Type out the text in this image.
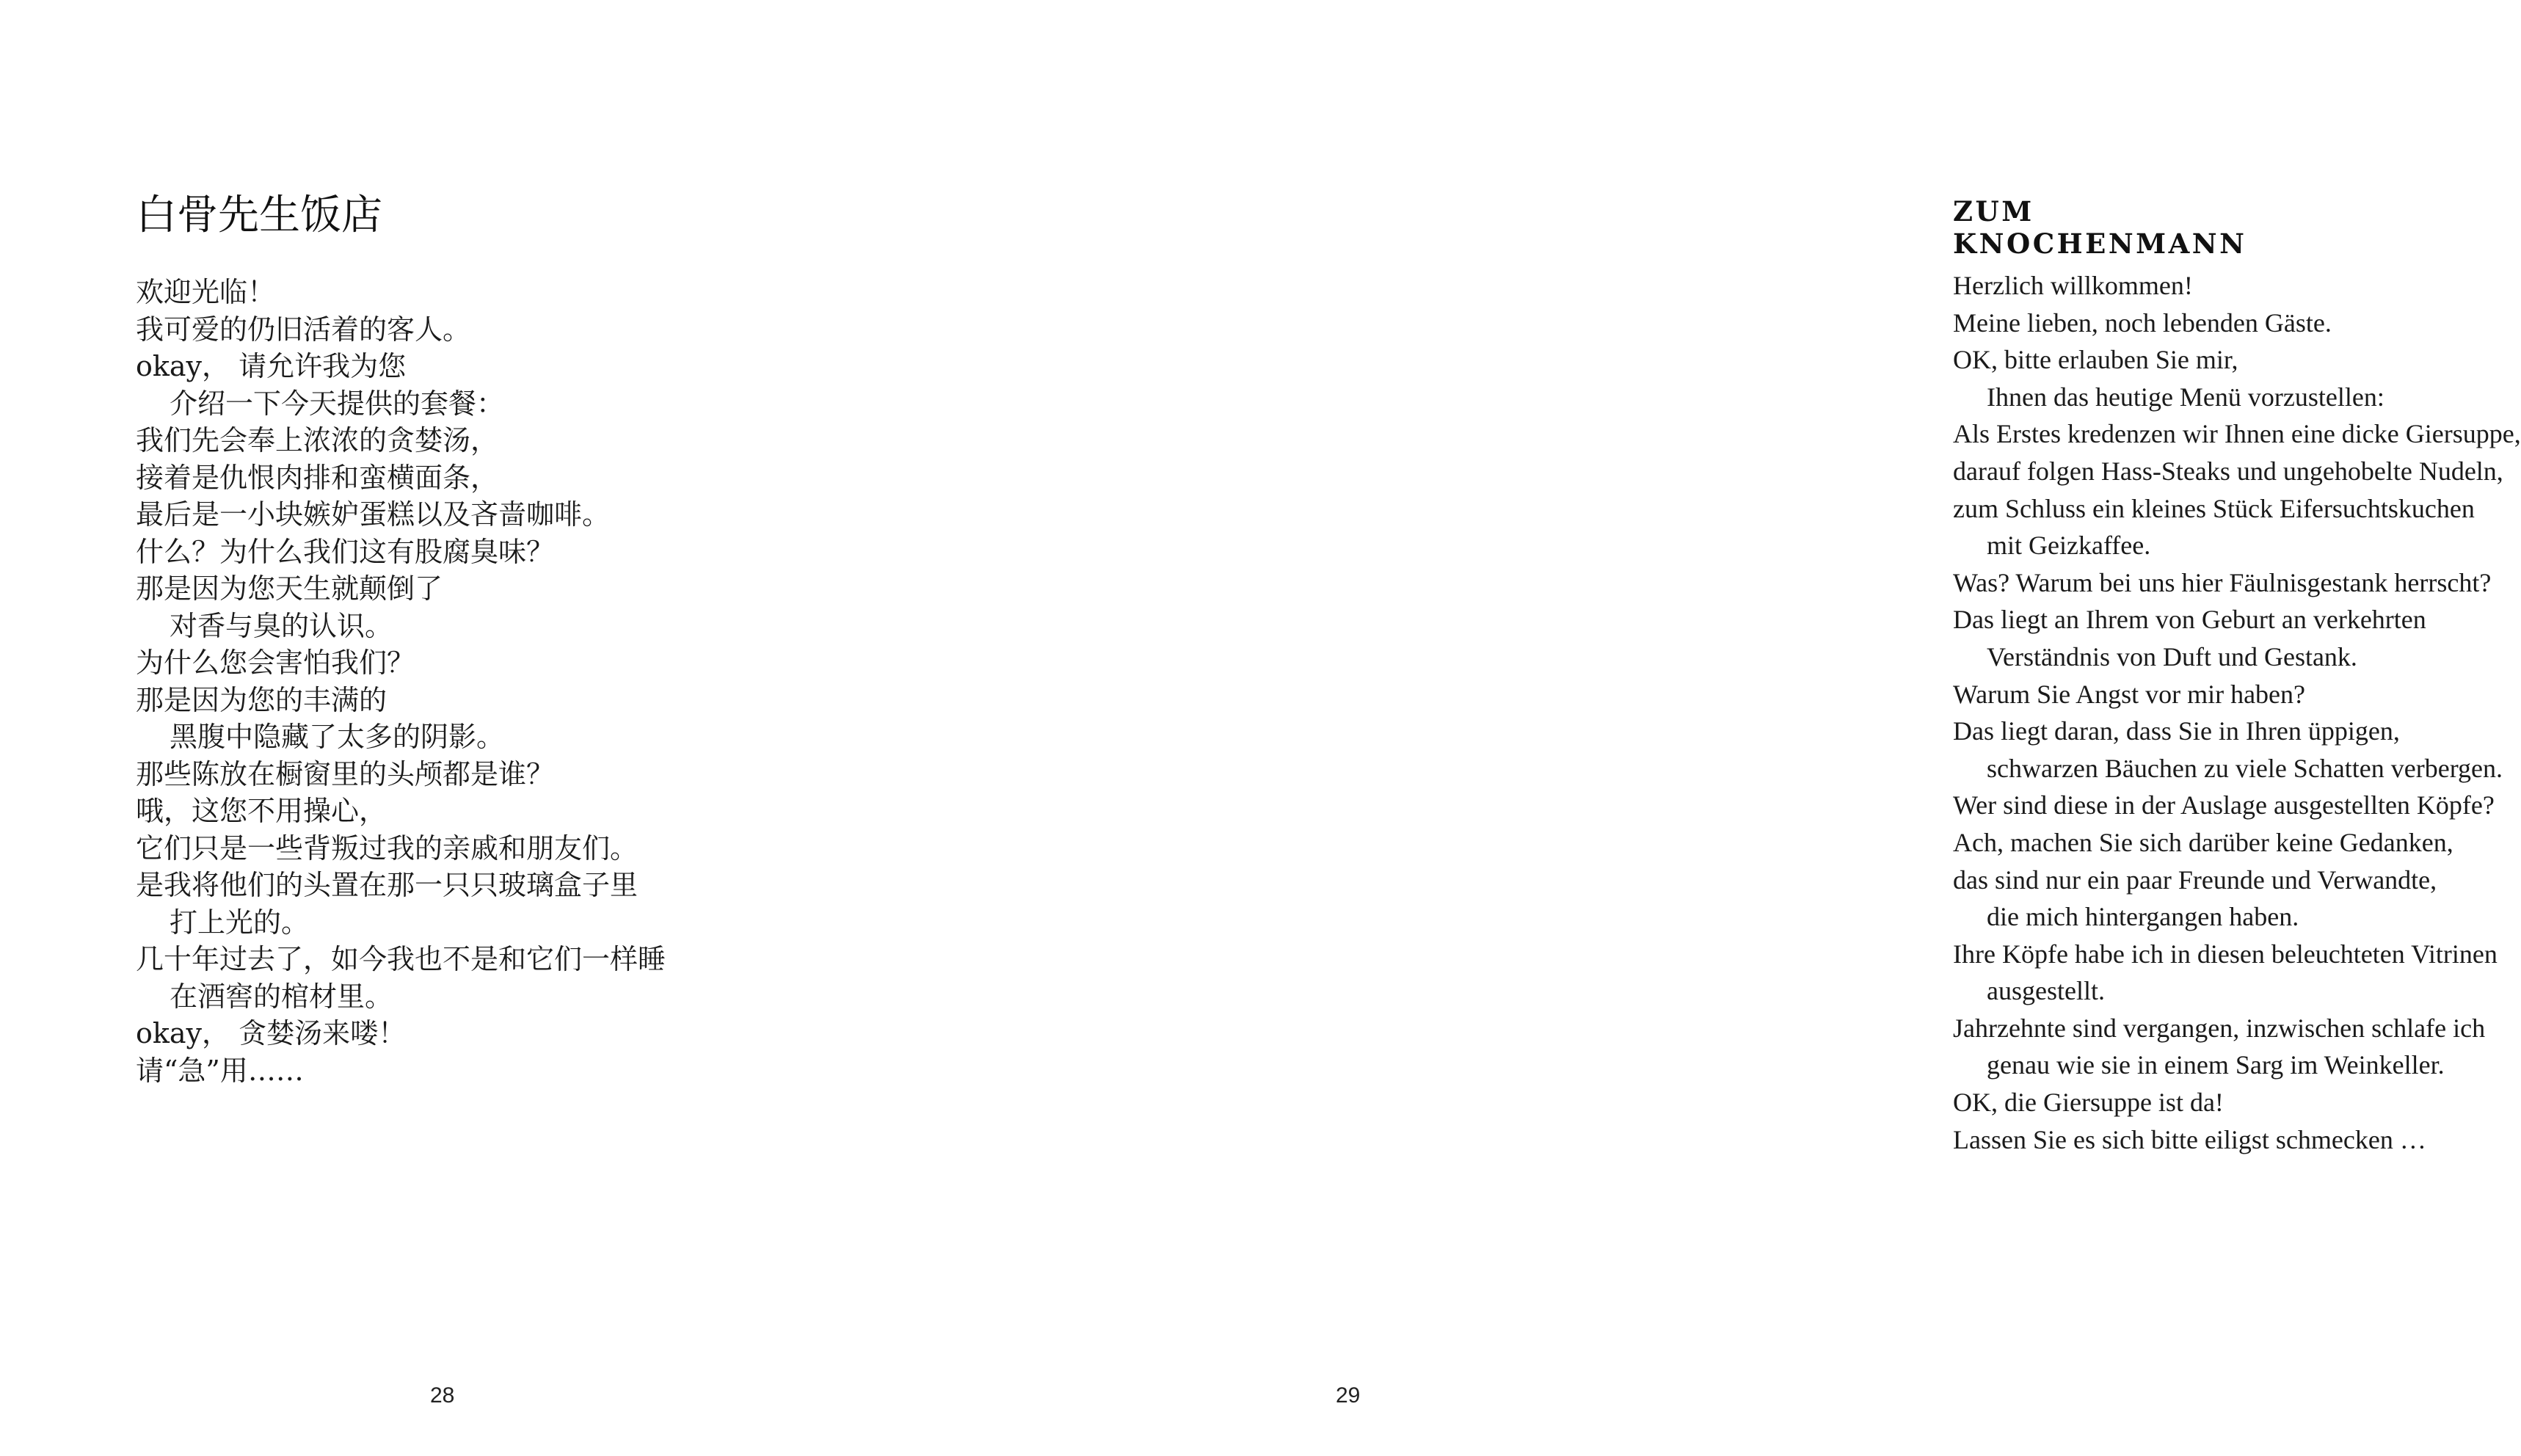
白骨先生饭店
欢迎光临！
我可爱的仍旧活着的客人。
okay， 请允许我为您
介绍一下今天提供的套餐：
我们先会奉上浓浓的贪婪汤，
接着是仇恨肉排和蛮横面条，
最后是一小块嫉妒蛋糕以及吝啬咖啡。
什么？为什么我们这有股腐臭味？
那是因为您天生就颠倒了
对香与臭的认识。
为什么您会害怕我们？
那是因为您的丰满的
黑腹中隐藏了太多的阴影。
那些陈放在橱窗里的头颅都是谁？
哦，这您不用操心，
它们只是一些背叛过我的亲戚和朋友们。
是我将他们的头置在那一只只玻璃盒子里
打上光的。
几十年过去了，如今我也不是和它们一样睡
在酒窖的棺材里。
okay， 贪婪汤来喽！
请“急”用……
28
ZUM KNOCHENMANN
Herzlich willkommen!
Meine lieben, noch lebenden Gäste.
OK, bitte erlauben Sie mir,
Ihnen das heutige Menü vorzustellen:
Als Erstes kredenzen wir Ihnen eine dicke Giersuppe,
darauf folgen Hass-Steaks und ungehobelte Nudeln,
zum Schluss ein kleines Stück Eifersuchtskuchen
mit Geizkaffee.
Was? Warum bei uns hier Fäulnisgestank herrscht?
Das liegt an Ihrem von Geburt an verkehrten
Verständnis von Duft und Gestank.
Warum Sie Angst vor mir haben?
Das liegt daran, dass Sie in Ihren üppigen,
schwarzen Bäuchen zu viele Schatten verbergen.
Wer sind diese in der Auslage ausgestellten Köpfe?
Ach, machen Sie sich darüber keine Gedanken,
das sind nur ein paar Freunde und Verwandte,
die mich hintergangen haben.
Ihre Köpfe habe ich in diesen beleuchteten Vitrinen
ausgestellt.
Jahrzehnte sind vergangen, inzwischen schlafe ich
genau wie sie in einem Sarg im Weinkeller.
OK, die Giersuppe ist da!
Lassen Sie es sich bitte eiligst schmecken …
29
